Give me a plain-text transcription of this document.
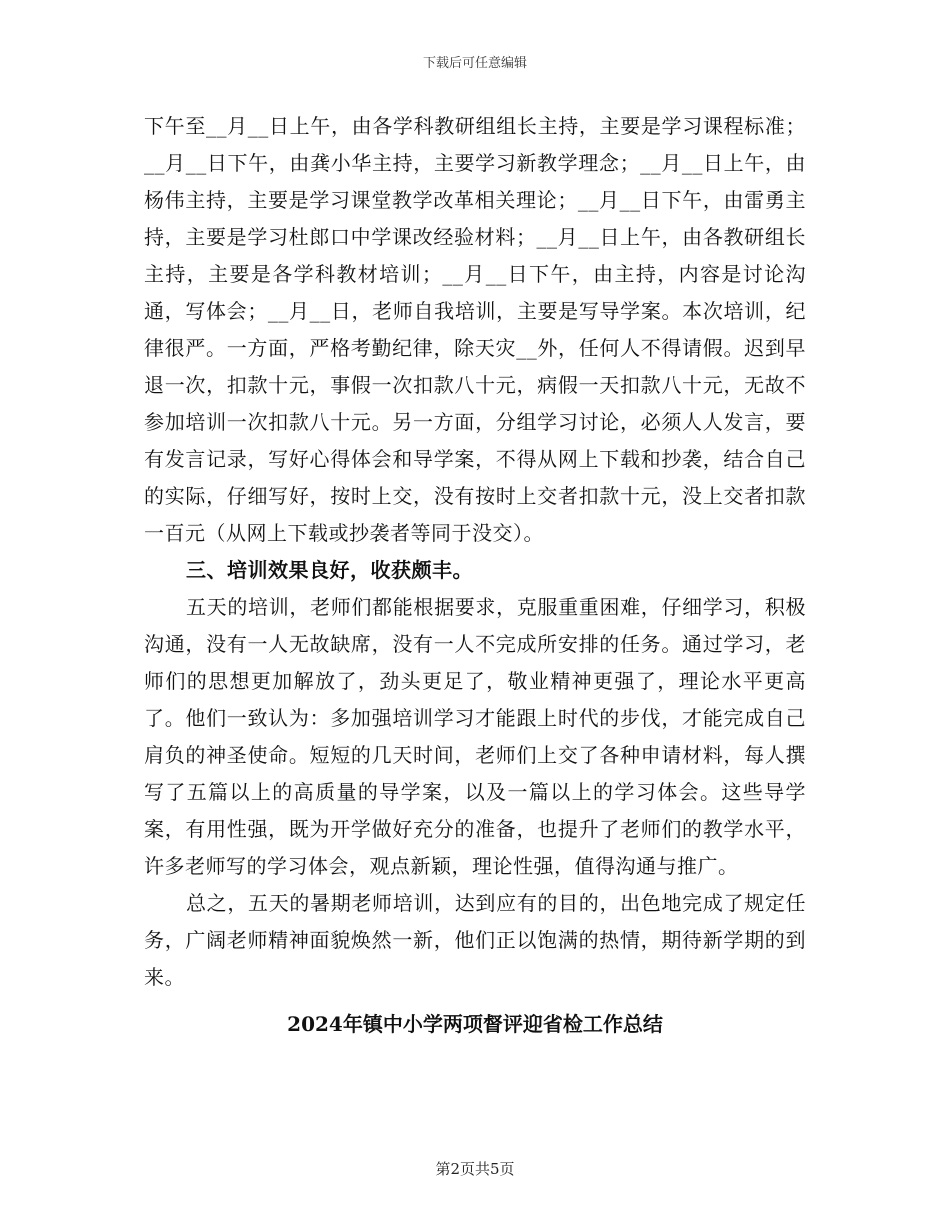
下载后可任意编辑

下午至__月__日上午，由各学科教研组组长主持，主要是学习课程标准；__月__日下午，由龚小华主持，主要学习新教学理念；__月__日上午，由杨伟主持，主要是学习课堂教学改革相关理论；__月__日下午，由雷勇主持，主要是学习杜郎口中学课改经验材料；__月__日上午，由各教研组长主持，主要是各学科教材培训；__月__日下午，由主持，内容是讨论沟通，写体会；__月__日，老师自我培训，主要是写导学案。本次培训，纪律很严。一方面，严格考勤纪律，除天灾__外，任何人不得请假。迟到早退一次，扣款十元，事假一次扣款八十元，病假一天扣款八十元，无故不参加培训一次扣款八十元。另一方面，分组学习讨论，必须人人发言，要有发言记录，写好心得体会和导学案，不得从网上下载和抄袭，结合自己的实际，仔细写好，按时上交，没有按时上交者扣款十元，没上交者扣款一百元（从网上下载或抄袭者等同于没交）。

三、培训效果良好，收获颇丰。

五天的培训，老师们都能根据要求，克服重重困难，仔细学习，积极沟通，没有一人无故缺席，没有一人不完成所安排的任务。通过学习，老师们的思想更加解放了，劲头更足了，敬业精神更强了，理论水平更高了。他们一致认为：多加强培训学习才能跟上时代的步伐，才能完成自己肩负的神圣使命。短短的几天时间，老师们上交了各种申请材料，每人撰写了五篇以上的高质量的导学案，以及一篇以上的学习体会。这些导学案，有用性强，既为开学做好充分的准备，也提升了老师们的教学水平，许多老师写的学习体会，观点新颖，理论性强，值得沟通与推广。

总之，五天的暑期老师培训，达到应有的目的，出色地完成了规定任务，广阔老师精神面貌焕然一新，他们正以饱满的热情，期待新学期的到来。

2024年镇中小学两项督评迎省检工作总结

第2页共5页
